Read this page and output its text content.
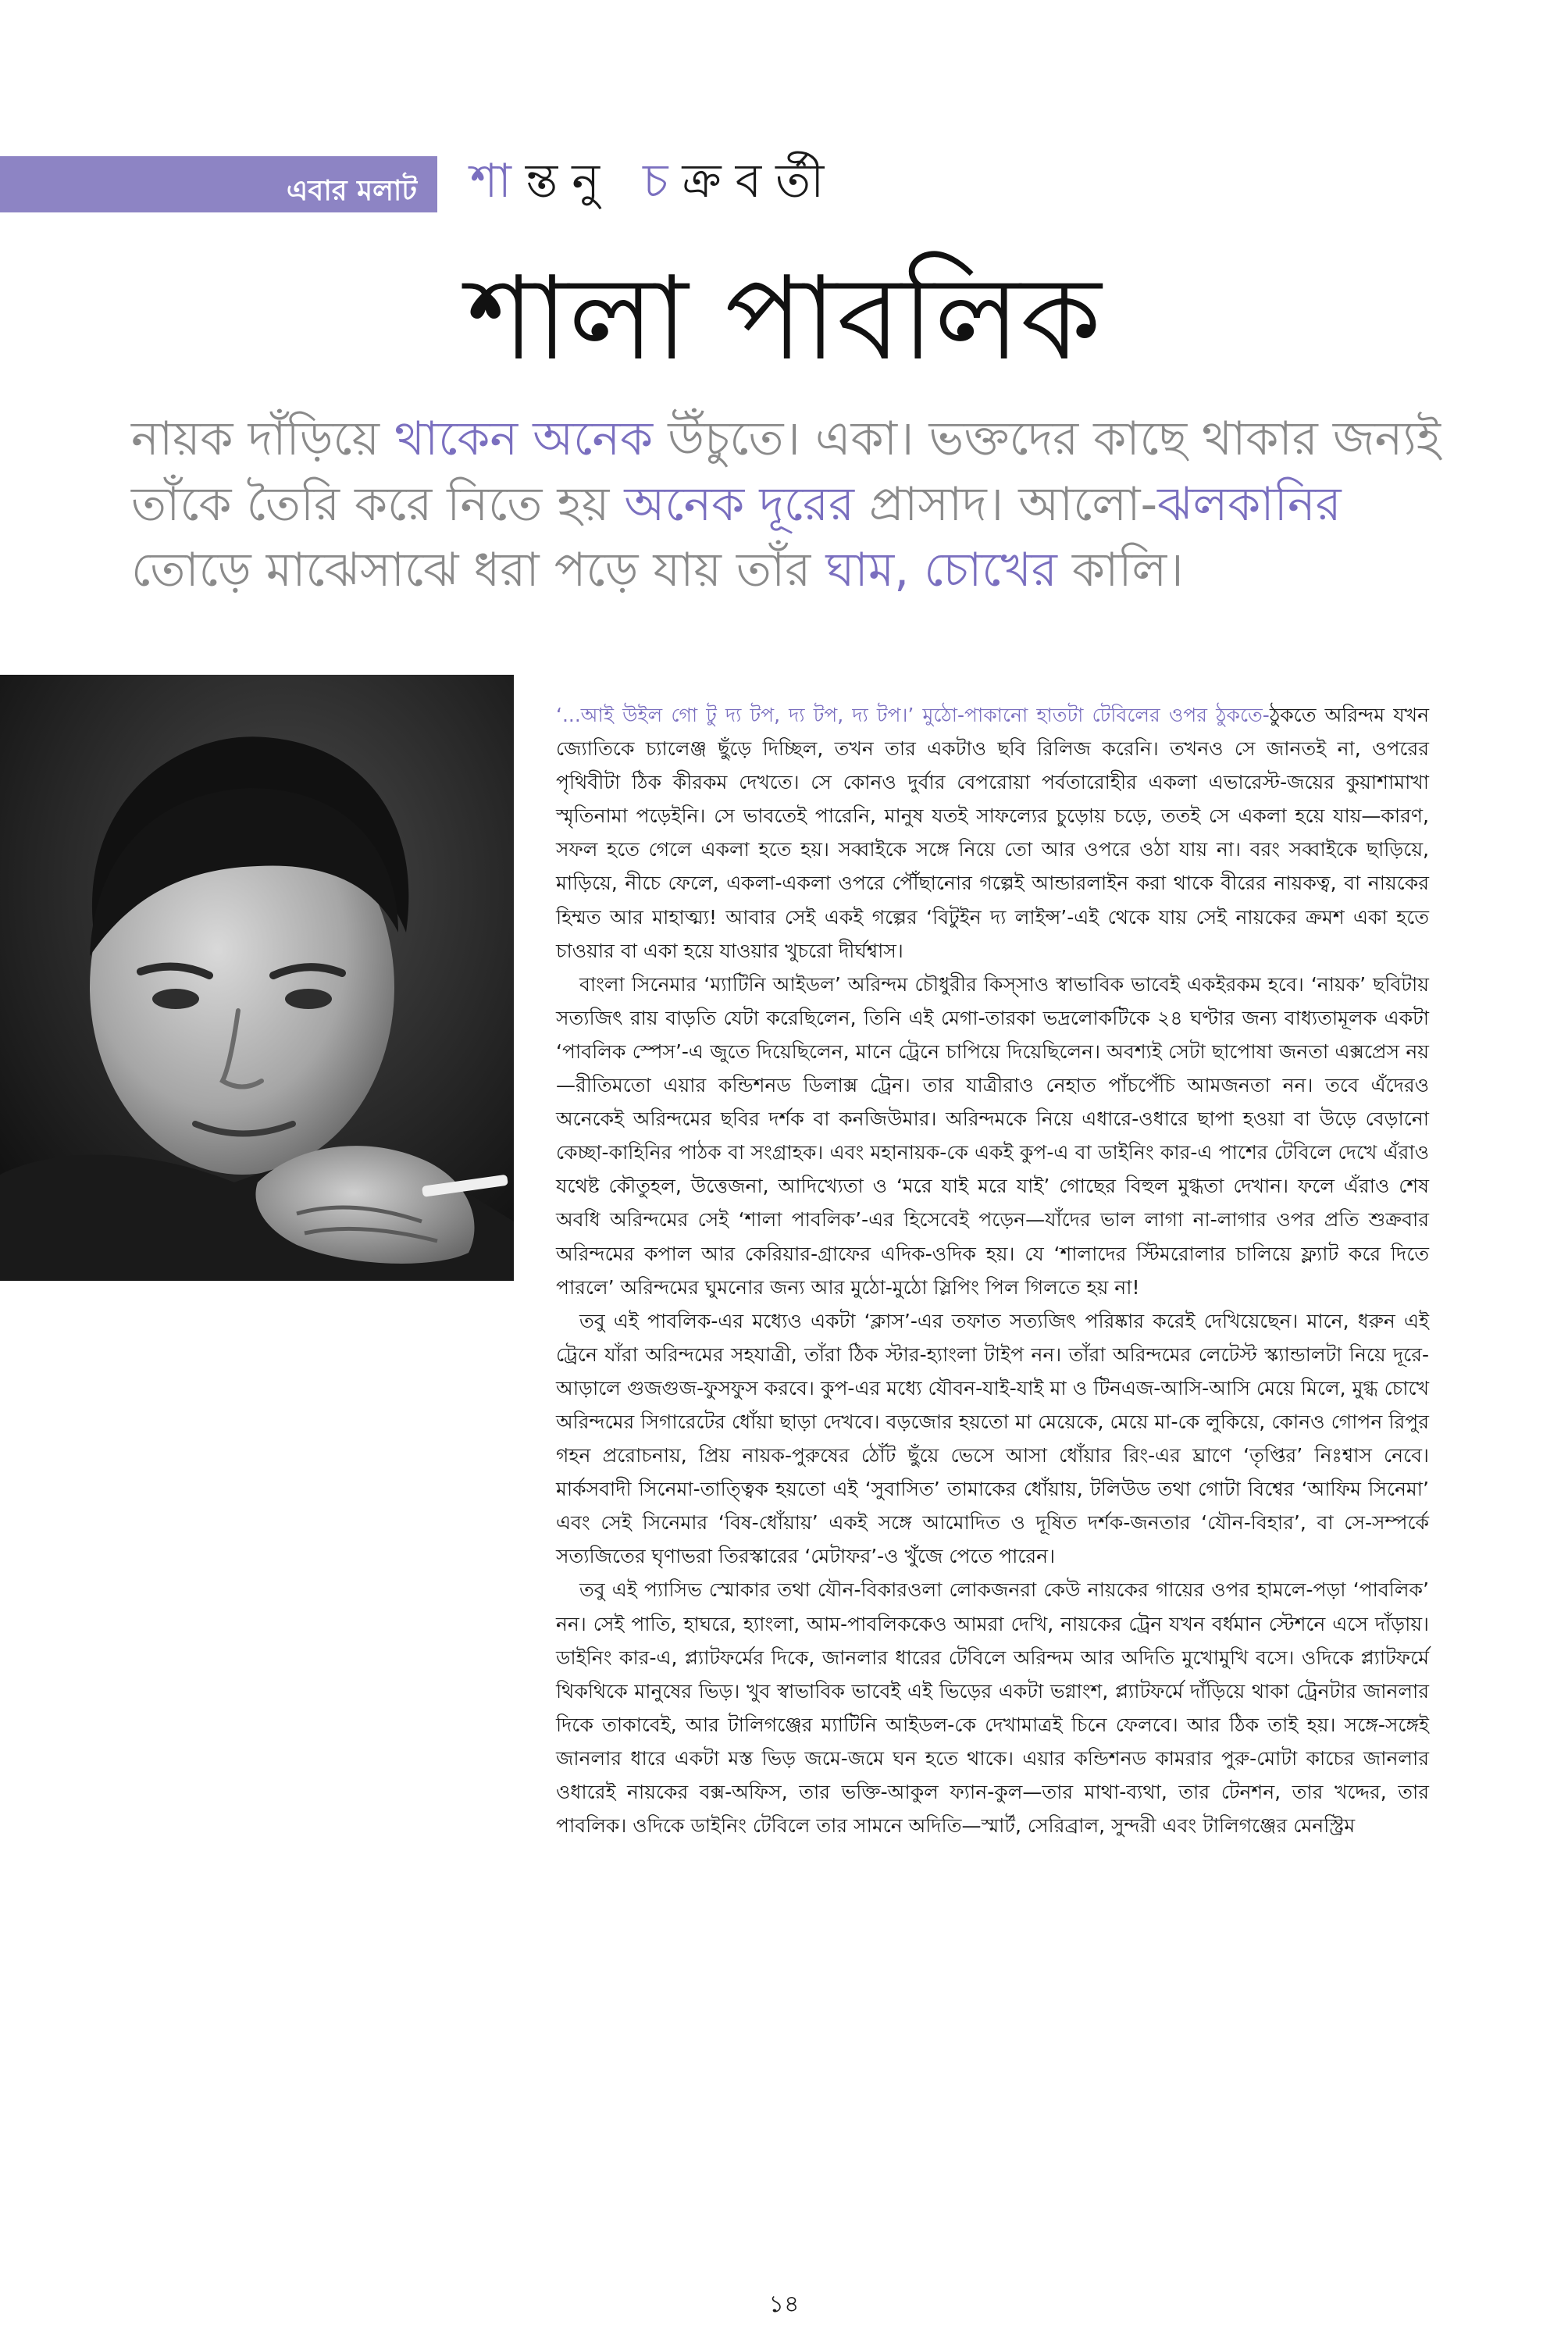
এবার মলাট শান্তনু চক্রবর্তী
শালা পাবলিক

নায়ক দাঁড়িয়ে থাকেন অনেক উঁচুতে। একা। ভক্তদের কাছে থাকার জন্যই তাঁকে তৈরি করে নিতে হয় অনেক দূরের প্রাসাদ। আলো-ঝলকানির তোড়ে মাঝেসাঝে ধরা পড়ে যায় তাঁর ঘাম, চোখের কালি।

‘...আই উইল গো টু দ্য টপ, দ্য টপ, দ্য টপ।’ মুঠো-পাকানো হাতটা টেবিলের ওপর ঠুকতে-ঠুকতে অরিন্দম যখন জ্যোতিকে চ্যালেঞ্জ ছুঁড়ে দিচ্ছিল, তখন তার একটাও ছবি রিলিজ করেনি। তখনও সে জানতই না, ওপরের পৃথিবীটা ঠিক কীরকম দেখতে। সে কোনও দুর্বার বেপরোয়া পর্বতারোহীর একলা এভারেস্ট-জয়ের কুয়াশামাখা স্মৃতিনামা পড়েইনি। সে ভাবতেই পারেনি, মানুষ যতই সাফল্যের চুড়োয় চড়ে, ততই সে একলা হয়ে যায়—কারণ, সফল হতে গেলে একলা হতে হয়। সব্বাইকে সঙ্গে নিয়ে তো আর ওপরে ওঠা যায় না। বরং সব্বাইকে ছাড়িয়ে, মাড়িয়ে, নীচে ফেলে, একলা-একলা ওপরে পৌঁছানোর গল্পেই আন্ডারলাইন করা থাকে বীরের নায়কত্ব, বা নায়কের হিম্মত আর মাহাত্ম্য! আবার সেই একই গল্পের ‘বিটুইন দ্য লাইন্স’-এই থেকে যায় সেই নায়কের ক্রমশ একা হতে চাওয়ার বা একা হয়ে যাওয়ার খুচরো দীর্ঘশ্বাস।

বাংলা সিনেমার ‘ম্যাটিনি আইডল’ অরিন্দম চৌধুরীর কিস্‌সাও স্বাভাবিক ভাবেই একইরকম হবে। ‘নায়ক’ ছবিটায় সত্যজিৎ রায় বাড়তি যেটা করেছিলেন, তিনি এই মেগা-তারকা ভদ্রলোকটিকে ২৪ ঘণ্টার জন্য বাধ্যতামূলক একটা ‘পাবলিক স্পেস’-এ জুতে দিয়েছিলেন, মানে ট্রেনে চাপিয়ে দিয়েছিলেন। অবশ্যই সেটা ছাপোষা জনতা এক্সপ্রেস নয়—রীতিমতো এয়ার কন্ডিশনড ডিলাক্স ট্রেন। তার যাত্রীরাও নেহাত পাঁচপেঁচি আমজনতা নন। তবে এঁদেরও অনেকেই অরিন্দমের ছবির দর্শক বা কনজিউমার। অরিন্দমকে নিয়ে এধারে-ওধারে ছাপা হওয়া বা উড়ে বেড়ানো কেচ্ছা-কাহিনির পাঠক বা সংগ্রাহক। এবং মহানায়ক-কে একই কুপ-এ বা ডাইনিং কার-এ পাশের টেবিলে দেখে এঁরাও যথেষ্ট কৌতুহল, উত্তেজনা, আদিখ্যেতা ও ‘মরে যাই মরে যাই’ গোছের বিহুল মুগ্ধতা দেখান। ফলে এঁরাও শেষ অবধি অরিন্দমের সেই ‘শালা পাবলিক’-এর হিসেবেই পড়েন—যাঁদের ভাল লাগা না-লাগার ওপর প্রতি শুক্রবার অরিন্দমের কপাল আর কেরিয়ার-গ্রাফের এদিক-ওদিক হয়। যে ‘শালাদের স্টিমরোলার চালিয়ে ফ্ল্যাট করে দিতে পারলে’ অরিন্দমের ঘুমনোর জন্য আর মুঠো-মুঠো স্লিপিং পিল গিলতে হয় না!

তবু এই পাবলিক-এর মধ্যেও একটা ‘ক্লাস’-এর তফাত সত্যজিৎ পরিষ্কার করেই দেখিয়েছেন। মানে, ধরুন এই ট্রেনে যাঁরা অরিন্দমের সহযাত্রী, তাঁরা ঠিক স্টার-হ্যাংলা টাইপ নন। তাঁরা অরিন্দমের লেটেস্ট স্ক্যান্ডালটা নিয়ে দূরে-আড়ালে গুজগুজ-ফুসফুস করবে। কুপ-এর মধ্যে যৌবন-যাই-যাই মা ও টিনএজ-আসি-আসি মেয়ে মিলে, মুগ্ধ চোখে অরিন্দমের সিগারেটের ধোঁয়া ছাড়া দেখবে। বড়জোর হয়তো মা মেয়েকে, মেয়ে মা-কে লুকিয়ে, কোনও গোপন রিপুর গহন প্ররোচনায়, প্রিয় নায়ক-পুরুষের ঠোঁট ছুঁয়ে ভেসে আসা ধোঁয়ার রিং-এর ঘ্রাণে ‘তৃপ্তির’ নিঃশ্বাস নেবে। মার্কসবাদী সিনেমা-তাত্ত্বিক হয়তো এই ‘সুবাসিত’ তামাকের ধোঁয়ায়, টলিউড তথা গোটা বিশ্বের ‘আফিম সিনেমা’ এবং সেই সিনেমার ‘বিষ-ধোঁয়ায়’ একই সঙ্গে আমোদিত ও দূষিত দর্শক-জনতার ‘যৌন-বিহার’, বা সে-সম্পর্কে সত্যজিতের ঘৃণাভরা তিরস্কারের ‘মেটাফর’-ও খুঁজে পেতে পারেন।

তবু এই প্যাসিভ স্মোকার তথা যৌন-বিকারওলা লোকজনরা কেউ নায়কের গায়ের ওপর হামলে-পড়া ‘পাবলিক’ নন। সেই পাতি, হাঘরে, হ্যাংলা, আম-পাবলিককেও আমরা দেখি, নায়কের ট্রেন যখন বর্ধমান স্টেশনে এসে দাঁড়ায়। ডাইনিং কার-এ, প্ল্যাটফর্মের দিকে, জানলার ধারের টেবিলে অরিন্দম আর অদিতি মুখোমুখি বসে। ওদিকে প্ল্যাটফর্মে থিকথিকে মানুষের ভিড়। খুব স্বাভাবিক ভাবেই এই ভিড়ের একটা ভগ্নাংশ, প্ল্যাটফর্মে দাঁড়িয়ে থাকা ট্রেনটার জানলার দিকে তাকাবেই, আর টালিগঞ্জের ম্যাটিনি আইডল-কে দেখামাত্রই চিনে ফেলবে। আর ঠিক তাই হয়। সঙ্গে-সঙ্গেই জানলার ধারে একটা মস্ত ভিড় জমে-জমে ঘন হতে থাকে। এয়ার কন্ডিশনড কামরার পুরু-মোটা কাচের জানলার ওধারেই নায়কের বক্স-অফিস, তার ভক্তি-আকুল ফ্যান-কুল—তার মাথা-ব্যথা, তার টেনশন, তার খদ্দের, তার পাবলিক। ওদিকে ডাইনিং টেবিলে তার সামনে অদিতি—স্মার্ট, সেরিব্রাল, সুন্দরী এবং টালিগঞ্জের মেনস্ট্রিম

১৪
